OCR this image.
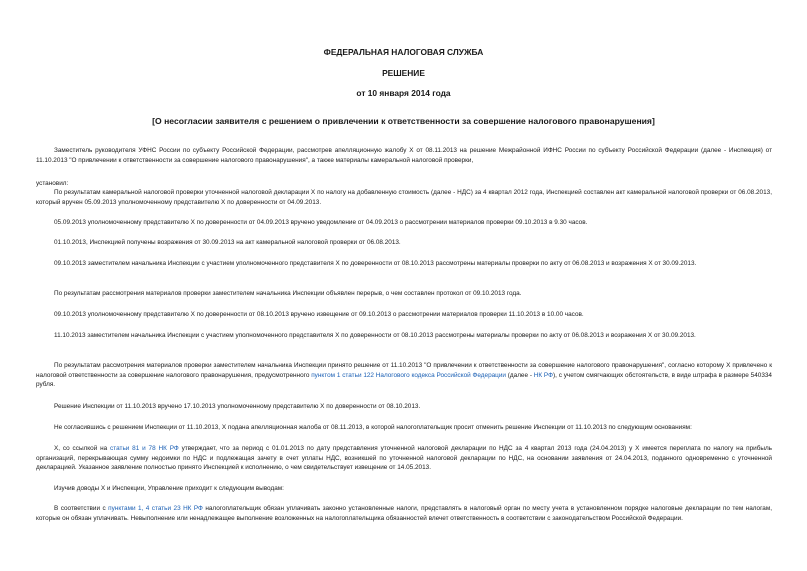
ФЕДЕРАЛЬНАЯ НАЛОГОВАЯ СЛУЖБА
РЕШЕНИЕ
от 10 января 2014 года
[О несогласии заявителя с решением о привлечении к ответственности за совершение налогового правонарушения]

Заместитель руководителя УФНС России по субъекту Российской Федерации, рассмотрев апелляционную жалобу Х от 08.11.2013 на решение Межрайонной ИФНС России по субъекту Российской Федерации (далее - Инспекция) от 11.10.2013 "О привлечении к ответственности за совершение налогового правонарушения", а также материалы камеральной налоговой проверки,

установил:

По результатам камеральной налоговой проверки уточненной налоговой декларации Х по налогу на добавленную стоимость (далее - НДС) за 4 квартал 2012 года, Инспекцией составлен акт камеральной налоговой проверки от 06.08.2013, который вручен 05.09.2013 уполномоченному представителю Х по доверенности от 04.09.2013.

05.09.2013 уполномоченному представителю Х по доверенности от 04.09.2013 вручено уведомление от 04.09.2013 о рассмотрении материалов проверки 09.10.2013 в 9.30 часов.

01.10.2013, Инспекцией получены возражения от 30.09.2013 на акт камеральной налоговой проверки от 06.08.2013.

09.10.2013 заместителем начальника Инспекции с участием уполномоченного представителя Х по доверенности от 08.10.2013 рассмотрены материалы проверки по акту от 06.08.2013 и возражения Х от 30.09.2013.

По результатам рассмотрения материалов проверки заместителем начальника Инспекции объявлен перерыв, о чем составлен протокол от 09.10.2013 года.

09.10.2013 уполномоченному представителю Х по доверенности от 08.10.2013 вручено извещение от 09.10.2013 о рассмотрении материалов проверки 11.10.2013 в 10.00 часов.

11.10.2013 заместителем начальника Инспекции с участием уполномоченного представителя Х по доверенности от 08.10.2013 рассмотрены материалы проверки по акту от 06.08.2013 и возражения Х от 30.09.2013.

По результатам рассмотрения материалов проверки заместителем начальника Инспекции принято решение от 11.10.2013 "О привлечении к ответственности за совершение налогового правонарушения", согласно которому Х привлечено к налоговой ответственности за совершение налогового правонарушения, предусмотренного пунктом 1 статьи 122 Налогового кодекса Российской Федерации (далее - НК РФ), с учетом смягчающих обстоятельств, в виде штрафа в размере 540334 рубля.

Решение Инспекции от 11.10.2013 вручено 17.10.2013 уполномоченному представителю Х по доверенности от 08.10.2013.

Не согласившись с решением Инспекции от 11.10.2013, Х подана апелляционная жалоба от 08.11.2013, в которой налогоплательщик просит отменить решение Инспекции от 11.10.2013 по следующим основаниям:

Х, со ссылкой на статьи 81 и 78 НК РФ утверждает, что за период с 01.01.2013 по дату представления уточненной налоговой декларации по НДС за 4 квартал 2013 года (24.04.2013) у Х имеется переплата по налогу на прибыль организаций, перекрывающая сумму недоимки по НДС и подлежащая зачету в счет уплаты НДС, возникшей по уточненной налоговой декларации по НДС, на основании заявления от 24.04.2013, поданного одновременно с уточненной декларацией. Указанное заявление полностью принято Инспекцией к исполнению, о чем свидетельствует извещение от 14.05.2013.

Изучив доводы Х и Инспекции, Управление приходит к следующим выводам:

В соответствии с пунктами 1, 4 статьи 23 НК РФ налогоплательщик обязан уплачивать законно установленные налоги, представлять в налоговый орган по месту учета в установленном порядке налоговые декларации по тем налогам, которые он обязан уплачивать. Невыполнение или ненадлежащее выполнение возложенных на налогоплательщика обязанностей влечет ответственность в соответствии с законодательством Российской Федерации.
